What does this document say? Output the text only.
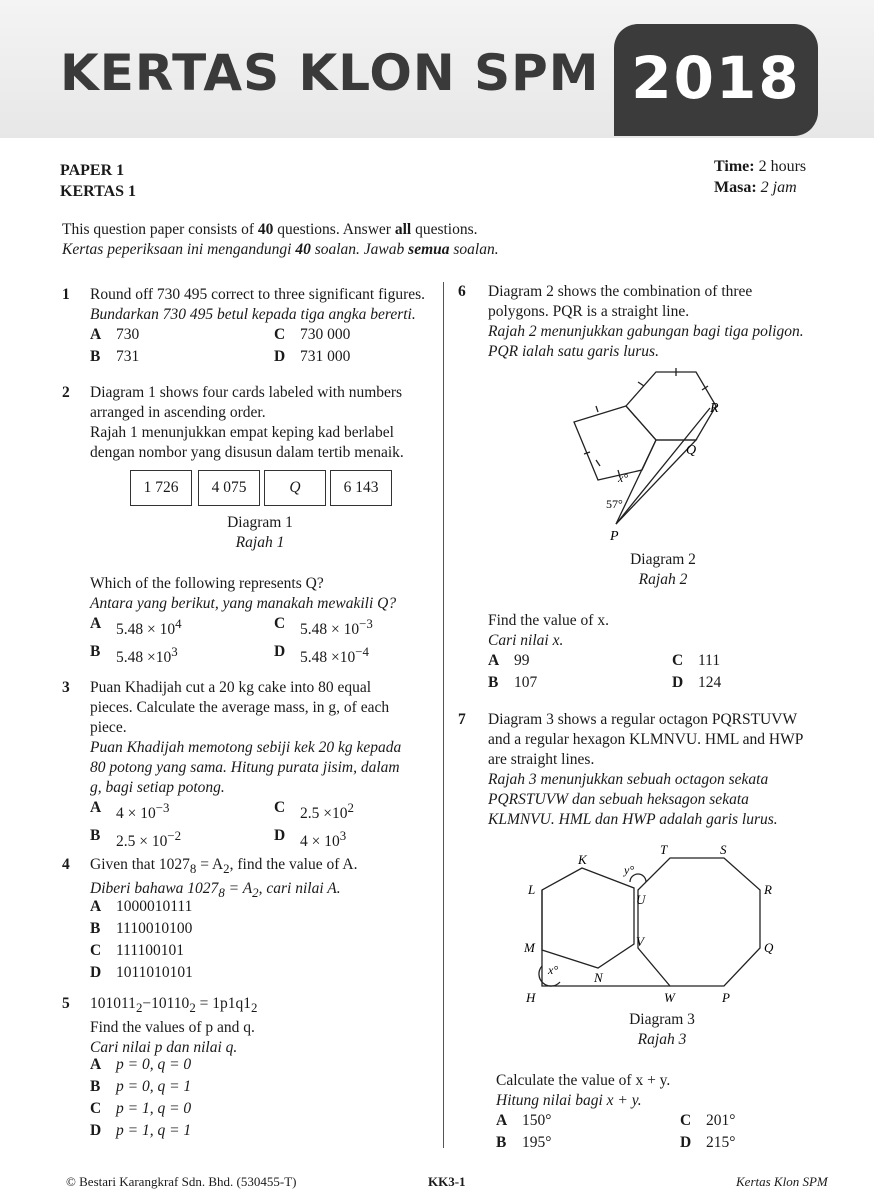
KERTAS KLON SPM 2018
PAPER 1
KERTAS 1
Time: 2 hours
Masa: 2 jam
This question paper consists of 40 questions. Answer all questions.
Kertas peperiksaan ini mengandungi 40 soalan. Jawab semua soalan.
1 Round off 730 495 correct to three significant figures.
Bundarkan 730 495 betul kepada tiga angka bererti.
A 730	C 730 000
B	731	D 731 000
2 Diagram 1 shows four cards labeled with numbers
arranged in ascending order.
Rajah 1 menunjukkan empat keping kad berlabel
dengan nombor yang disusun dalam tertib menaik.
1 726	4 075	Q	6 143
Diagram 1
Rajah 1
Which of the following represents Q?
Antara yang berikut, yang manakah mewakili Q?
A $5.48 \times 10^4$	C $5.48 \times 10^{-3}$
B	$5.48 \times 10^3$	D $5.48 \times 10^{-4}$
3 Puan Khadijah cut a 20 kg cake into 80 equal
pieces. Calculate the average mass, in g, of each
piece.
Puan Khadijah memotong sebiji kek 20 kg kepada
80 potong yang sama. Hitung purata jisim, dalam
g, bagi setiap potong.
A $4 \times 10^{-3}$	C $2.5 \times 10^2$
B	$2.5 \times 10^{-2}$	D $4 \times 10^3$
4 Given that $1027_8 = A_2$, find the value of A.
Diberi bahawa $1027_8 = A_2$, cari nilai A.
A 1000010111
B	1110010100
C 111100101
D 1011010101
5 $101011_2-10110_2 = 1p1q1_2$
Find the values of p and q.
Cari nilai p dan nilai q.
A p = 0, q = 0
B	p = 0, q = 1
C p = 1, q = 0
D p = 1, q = 1
6 Diagram 2 shows the combination of three
polygons. PQR is a straight line.
Rajah 2 menunjukkan gabungan bagi tiga poligon.
PQR ialah satu garis lurus.
R
Q
P
x°
57°
Diagram 2
Rajah 2
Find the value of x.
Cari nilai x.
A 99	C 111
B	107	D 124
7 Diagram 3 shows a regular octagon PQRSTUVW
and a regular hexagon KLMNVU. HML and HWP
are straight lines.
Rajah 3 menunjukkan sebuah octagon sekata
PQRSTUVW dan sebuah heksagon sekata
KLMNVU. HML dan HWP adalah garis lurus.
T	S
K
y°
L
U
R
V
M	Q
x°	N
H	W	P
Diagram 3
Rajah 3
Calculate the value of x + y.
Hitung nilai bagi x + y.
A 150°	C 201°
B	195°	D 215°
© Bestari Karangkraf Sdn. Bhd. (530455-T)	KK3-1	Kertas Klon SPM
